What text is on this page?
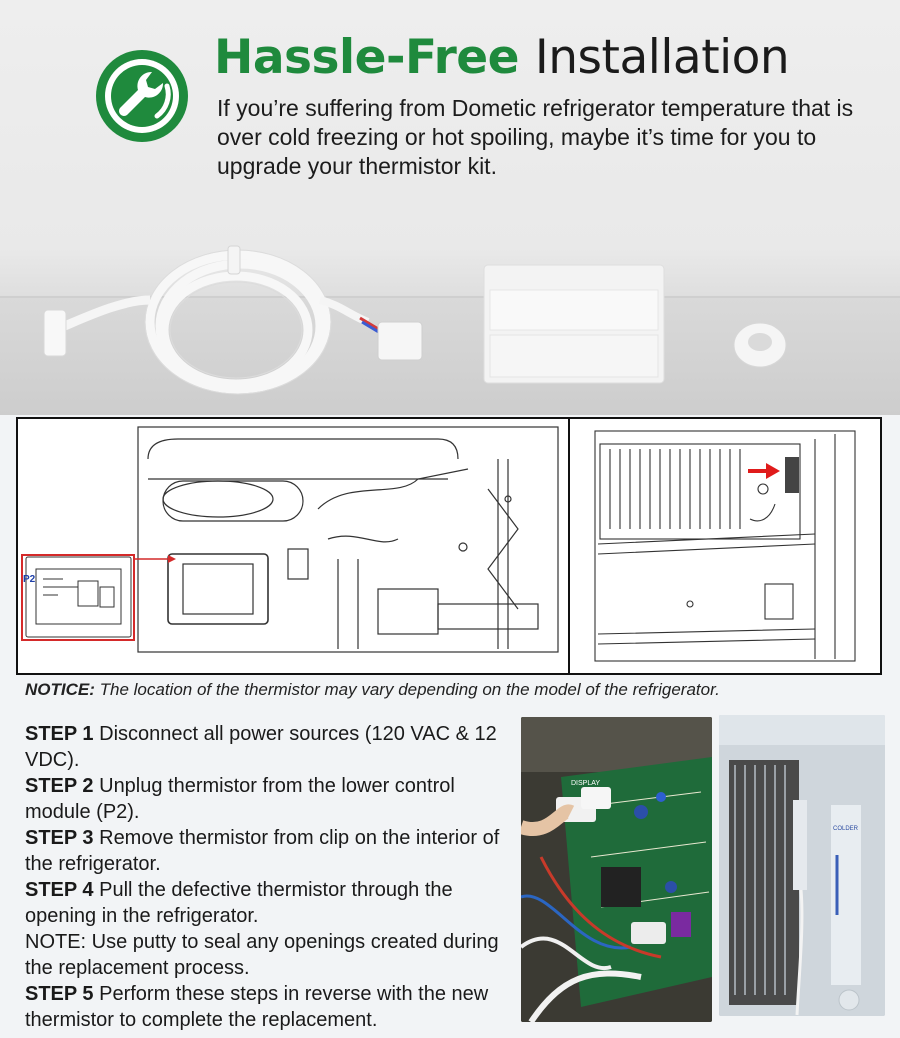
Hassle-Free Installation

If you’re suffering from Dometic refrigerator temperature that is over cold freezing or hot spoiling, maybe it’s time for you to upgrade your thermistor kit.

P2

NOTICE: The location of the thermistor may vary depending on the model of the refrigerator.

STEP 1 Disconnect all power sources (120 VAC & 12 VDC).

STEP 2 Unplug thermistor from the lower control module (P2).

STEP 3 Remove thermistor from clip on the interior of the refrigerator.

STEP 4 Pull the defective thermistor through the opening in the refrigerator.

NOTE: Use putty to seal any openings created during the replacement process.

STEP 5 Perform these steps in reverse with the new thermistor to complete the replacement.

DISPLAY
COLDER
